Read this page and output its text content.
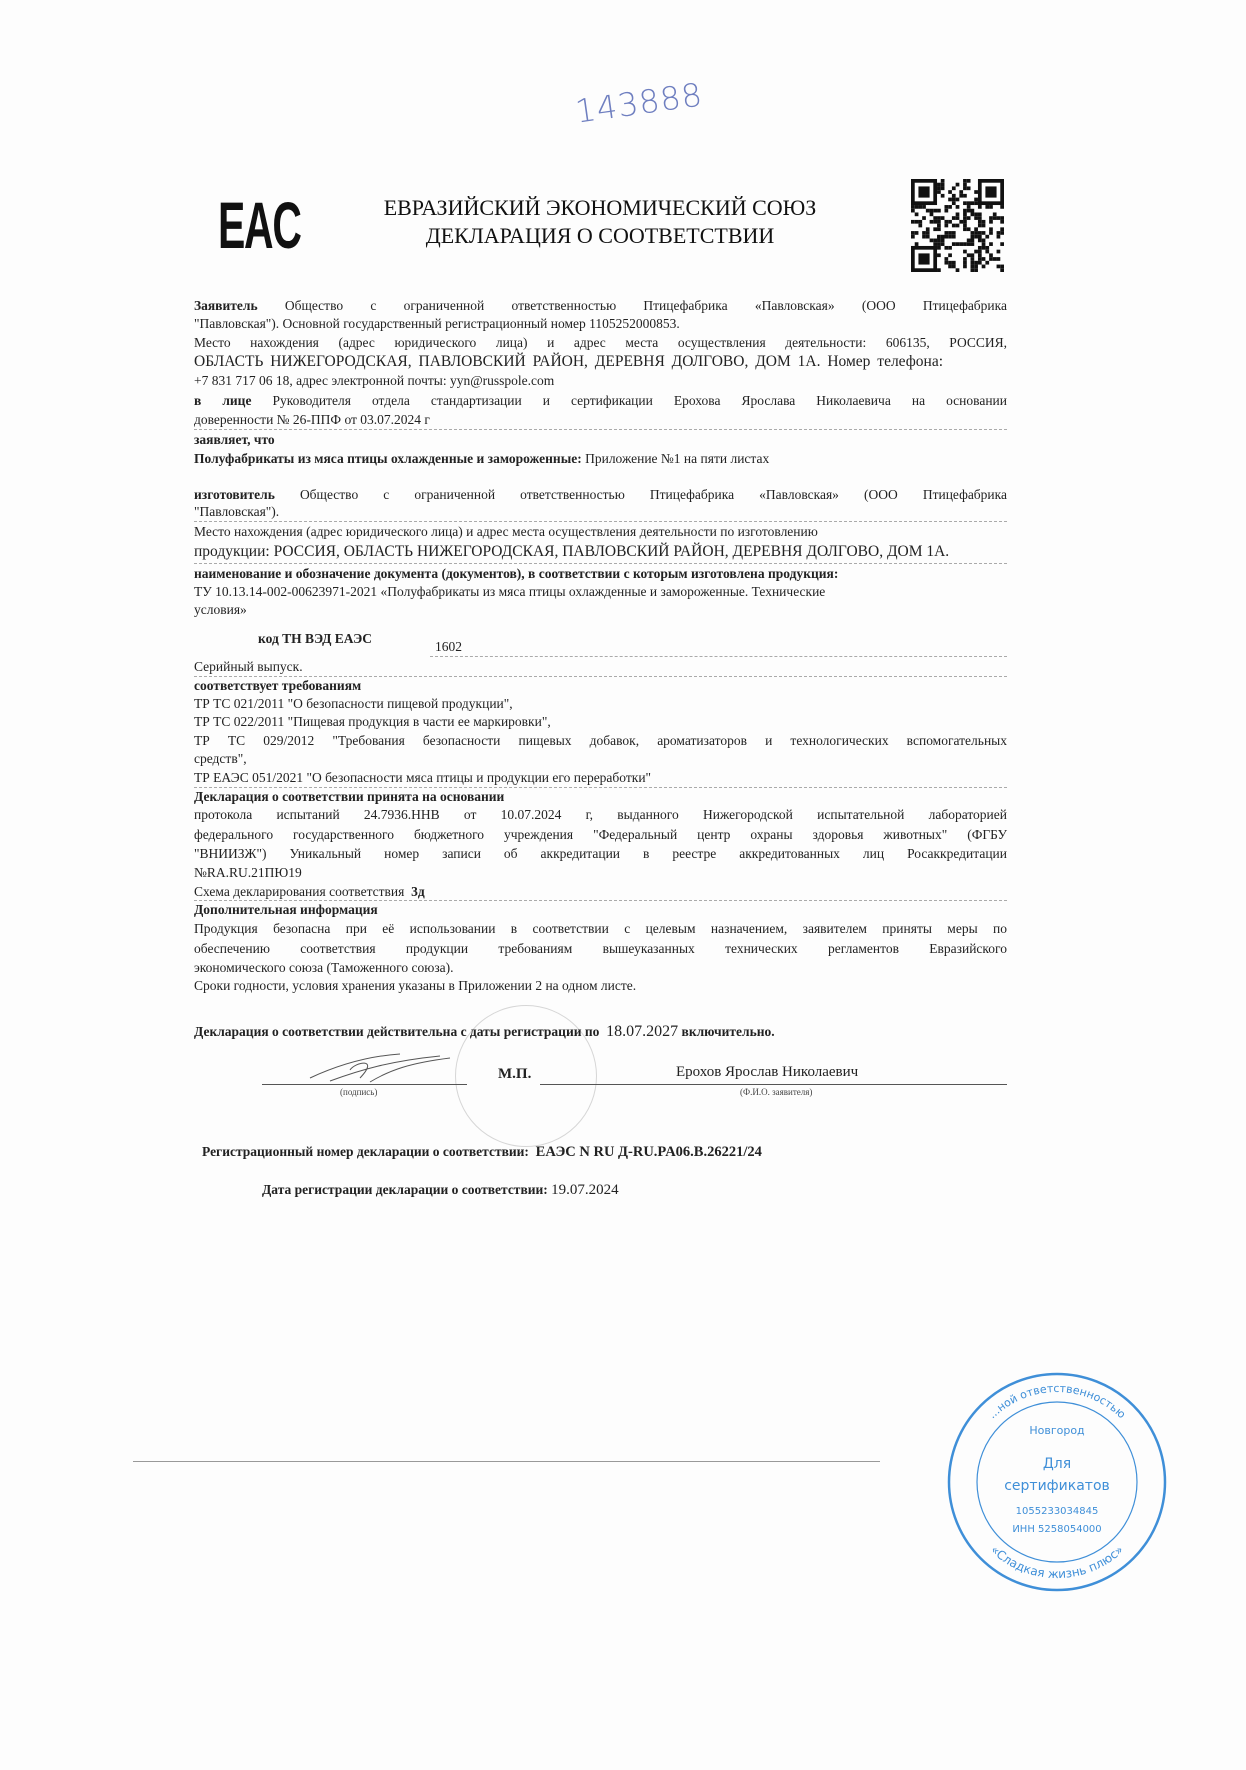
143888
EAC	ЕВРАЗИЙСКИЙ ЭКОНОМИЧЕСКИЙ СОЮЗ
ДЕКЛАРАЦИЯ О СООТВЕТСТВИИ
Заявитель Общество с ограниченной ответственностью Птицефабрика «Павловская» (ООО Птицефабрика
"Павловская"). Основной государственный регистрационный номер 1105252000853.
Место нахождения (адрес юридического лица) и адрес места осуществления деятельности: 606135, РОССИЯ,
ОБЛАСТЬ НИЖЕГОРОДСКАЯ, ПАВЛОВСКИЙ РАЙОН, ДЕРЕВНЯ ДОЛГОВО, ДОМ 1А. Номер телефона:
+7 831 717 06 18, адрес электронной почты: yyn@russpole.com
в лице Руководителя отдела стандартизации и сертификации Ерохова Ярослава Николаевича на основании
доверенности № 26-ППФ от 03.07.2024 г
заявляет, что
Полуфабрикаты из мяса птицы охлажденные и замороженные: Приложение №1 на пяти листах
изготовитель Общество с ограниченной ответственностью Птицефабрика «Павловская» (ООО Птицефабрика
"Павловская").
Место нахождения (адрес юридического лица) и адрес места осуществления деятельности по изготовлению
продукции: РОССИЯ, ОБЛАСТЬ НИЖЕГОРОДСКАЯ, ПАВЛОВСКИЙ РАЙОН, ДЕРЕВНЯ ДОЛГОВО, ДОМ 1А.
наименование и обозначение документа (документов), в соответствии с которым изготовлена продукция:
ТУ 10.13.14-002-00623971-2021 «Полуфабрикаты из мяса птицы охлажденные и замороженные. Технические
условия»
код ТН ВЭД ЕАЭС
1602
Серийный выпуск.
соответствует требованиям
ТР ТС 021/2011 "О безопасности пищевой продукции",
ТР ТС 022/2011 "Пищевая продукция в части ее маркировки",
ТР ТС 029/2012 "Требования безопасности пищевых добавок, ароматизаторов и технологических вспомогательных
средств",
ТР ЕАЭС 051/2021 "О безопасности мяса птицы и продукции его переработки"
Декларация о соответствии принята на основании
протокола испытаний 24.7936.ННВ от 10.07.2024 г, выданного Нижегородской испытательной лабораторией
федерального государственного бюджетного учреждения "Федеральный центр охраны здоровья животных" (ФГБУ
"ВНИИЗЖ") Уникальный номер записи об аккредитации в реестре аккредитованных лиц Росаккредитации
№RA.RU.21ПЮ19
Схема декларирования соответствия 3д
Дополнительная информация
Продукция безопасна при её использовании в соответствии с целевым назначением, заявителем приняты меры по
обеспечению соответствия продукции требованиям вышеуказанных технических регламентов Евразийского
экономического союза (Таможенного союза).
Сроки годности, условия хранения указаны в Приложении 2 на одном листе.
Декларация о соответствии действительна с даты регистрации по 18.07.2027 включительно.
(подпись)
М.П.	Ерохов Ярослав Николаевич
(Ф.И.О. заявителя)
Регистрационный номер декларации о соответствии: ЕАЭС N RU Д-RU.PA06.B.26221/24
Дата регистрации декларации о соответствии: 19.07.2024
...ной ответственностью
«Сладкая жизнь плюс»
Новгород
Для
сертификатов
1055233034845
ИНН 5258054000
